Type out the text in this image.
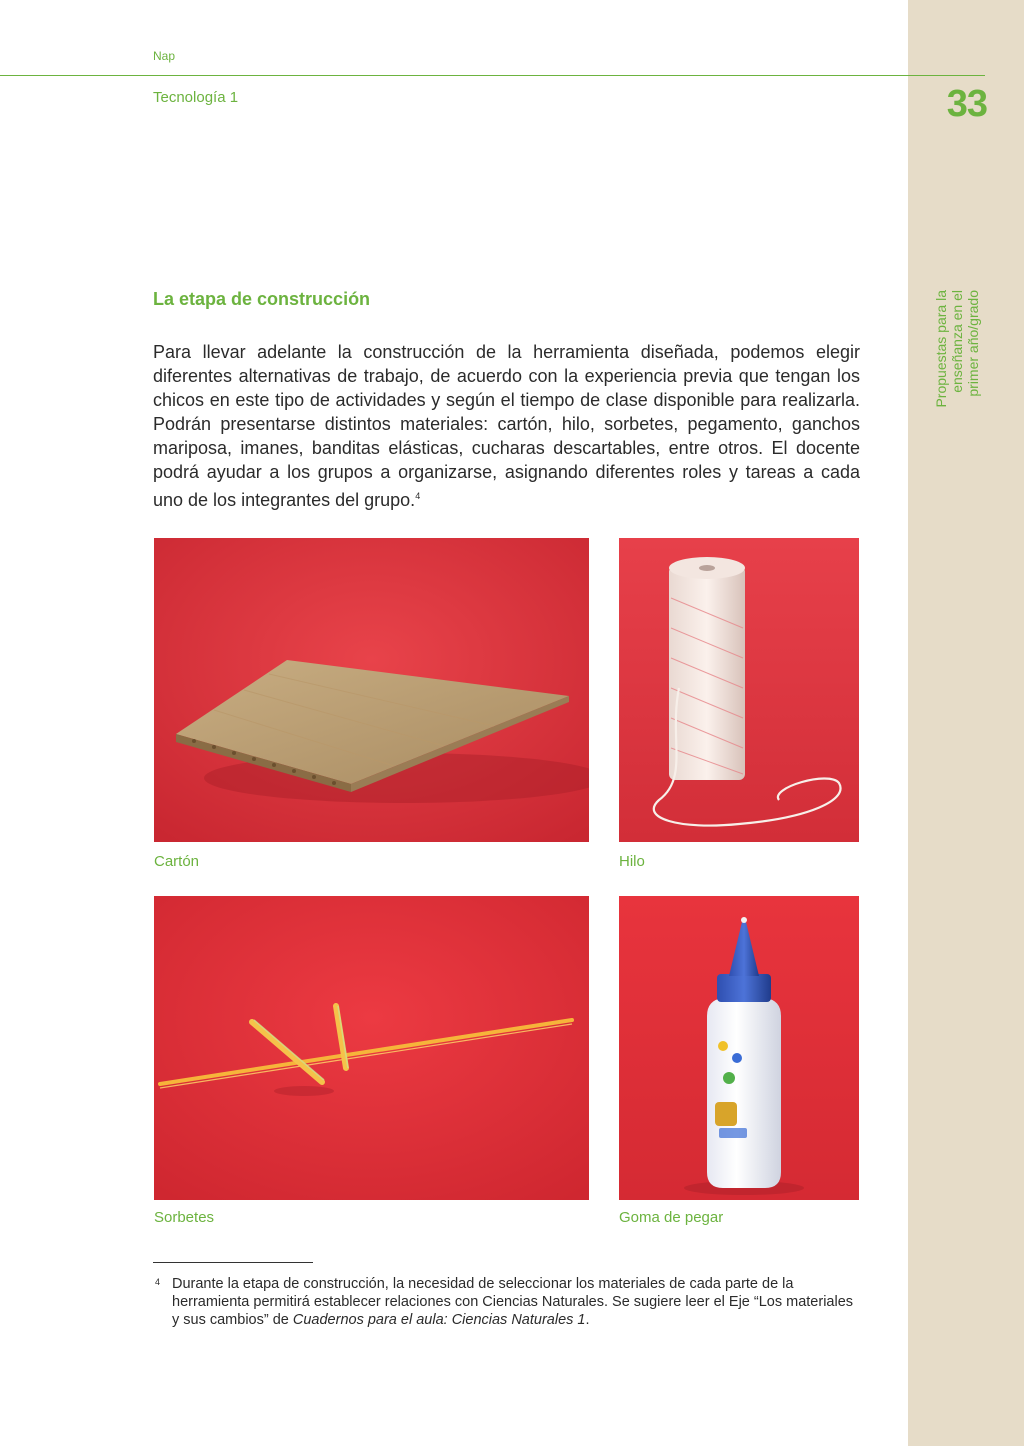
Nap
Tecnología 1	33
Propuestas para la enseñanza en el primer año/grado
La etapa de construcción
Para llevar adelante la construcción de la herramienta diseñada, podemos elegir diferentes alternativas de trabajo, de acuerdo con la experiencia previa que tengan los chicos en este tipo de actividades y según el tiempo de clase disponible para realizarla. Podrán presentarse distintos materiales: cartón, hilo, sorbetes, pegamento, ganchos mariposa, imanes, banditas elásticas, cucharas descartables, entre otros. El docente podrá ayudar a los grupos a organizarse, asignando diferentes roles y tareas a cada uno de los integrantes del grupo.$^4$
Cartón	Hilo
Sorbetes	Goma de pegar
4 Durante la etapa de construcción, la necesidad de seleccionar los materiales de cada parte de la herramienta permitirá establecer relaciones con Ciencias Naturales. Se sugiere leer el Eje “Los materiales y sus cambios” de Cuadernos para el aula: Ciencias Naturales 1.
